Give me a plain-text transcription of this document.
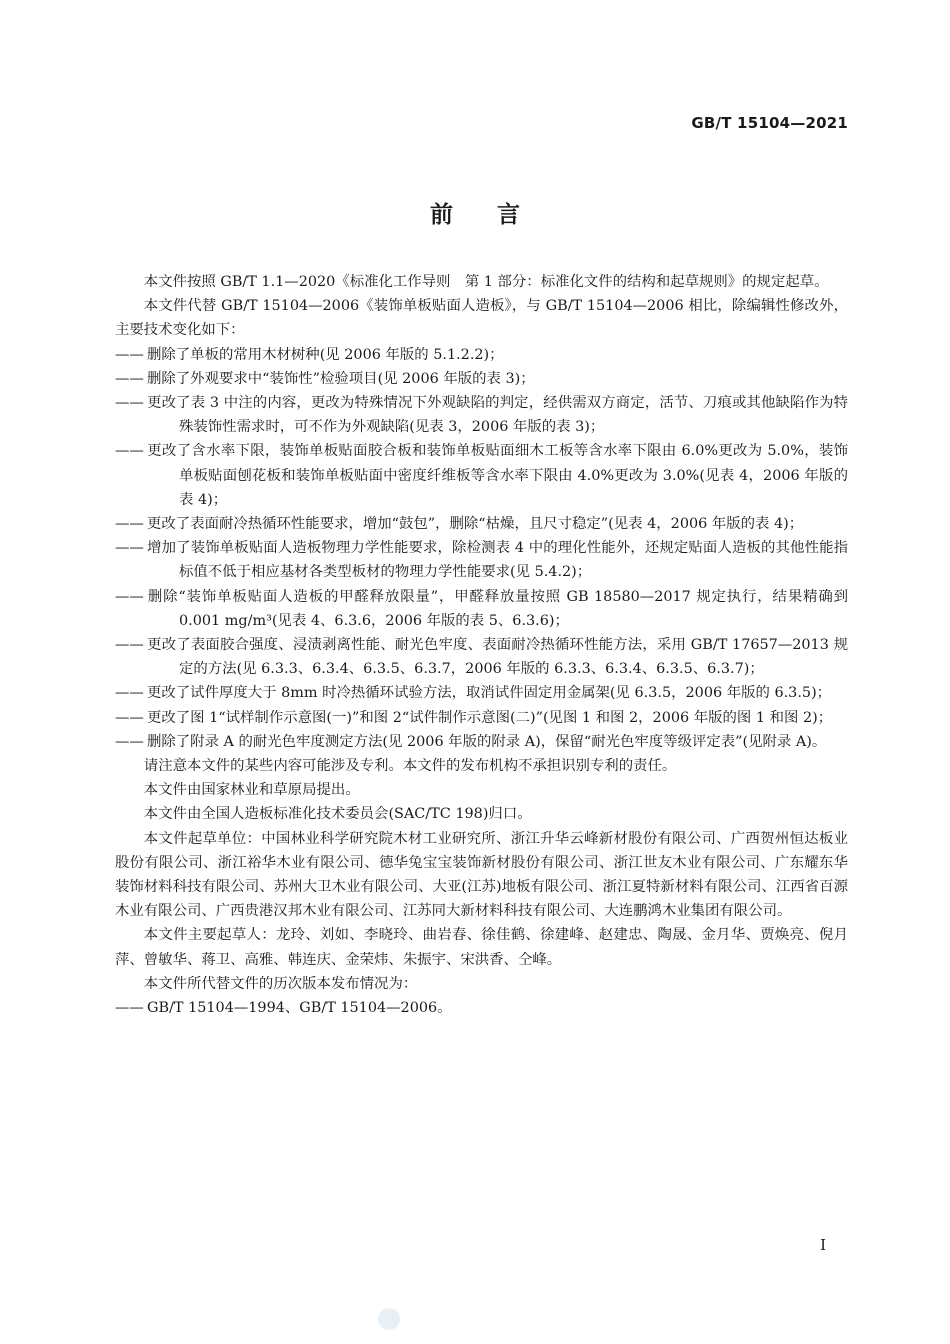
GB/T 15104—2021
前言

本文件按照 GB/T 1.1—2020《标准化工作导则　第 1 部分：标准化文件的结构和起草规则》的规定起草。

本文件代替 GB/T 15104—2006《装饰单板贴面人造板》，与 GB/T 15104—2006 相比，除编辑性修改外，主要技术变化如下：

—— 删除了单板的常用木材树种(见 2006 年版的 5.1.2.2)；

—— 删除了外观要求中“装饰性”检验项目(见 2006 年版的表 3)；

—— 更改了表 3 中注的内容，更改为特殊情况下外观缺陷的判定，经供需双方商定，活节、刀痕或其他缺陷作为特殊装饰性需求时，可不作为外观缺陷(见表 3，2006 年版的表 3)；

—— 更改了含水率下限，装饰单板贴面胶合板和装饰单板贴面细木工板等含水率下限由 6.0%更改为 5.0%，装饰单板贴面刨花板和装饰单板贴面中密度纤维板等含水率下限由 4.0%更改为 3.0%(见表 4，2006 年版的表 4)；

—— 更改了表面耐冷热循环性能要求，增加“鼓包”，删除“枯燥，且尺寸稳定”(见表 4，2006 年版的表 4)；

—— 增加了装饰单板贴面人造板物理力学性能要求，除检测表 4 中的理化性能外，还规定贴面人造板的其他性能指标值不低于相应基材各类型板材的物理力学性能要求(见 5.4.2)；

—— 删除“装饰单板贴面人造板的甲醛释放限量”，甲醛释放量按照 GB 18580—2017 规定执行，结果精确到 0.001 mg/m³(见表 4、6.3.6，2006 年版的表 5、6.3.6)；

—— 更改了表面胶合强度、浸渍剥离性能、耐光色牢度、表面耐冷热循环性能方法，采用 GB/T 17657—2013 规定的方法(见 6.3.3、6.3.4、6.3.5、6.3.7，2006 年版的 6.3.3、6.3.4、6.3.5、6.3.7)；

—— 更改了试件厚度大于 8mm 时冷热循环试验方法，取消试件固定用金属架(见 6.3.5，2006 年版的 6.3.5)；

—— 更改了图 1“试样制作示意图(一)”和图 2“试件制作示意图(二)”(见图 1 和图 2，2006 年版的图 1 和图 2)；

—— 删除了附录 A 的耐光色牢度测定方法(见 2006 年版的附录 A)，保留“耐光色牢度等级评定表”(见附录 A)。

请注意本文件的某些内容可能涉及专利。本文件的发布机构不承担识别专利的责任。

本文件由国家林业和草原局提出。

本文件由全国人造板标准化技术委员会(SAC/TC 198)归口。

本文件起草单位：中国林业科学研究院木材工业研究所、浙江升华云峰新材股份有限公司、广西贺州恒达板业股份有限公司、浙江裕华木业有限公司、德华兔宝宝装饰新材股份有限公司、浙江世友木业有限公司、广东耀东华装饰材料科技有限公司、苏州大卫木业有限公司、大亚(江苏)地板有限公司、浙江夏特新材料有限公司、江西省百源木业有限公司、广西贵港汉邦木业有限公司、江苏同大新材料科技有限公司、大连鹏鸿木业集团有限公司。

本文件主要起草人：龙玲、刘如、李晓玲、曲岩春、徐佳鹤、徐建峰、赵建忠、陶晟、金月华、贾焕亮、倪月萍、曾敏华、蒋卫、高雅、韩连庆、金荣炜、朱振宇、宋洪香、仝峰。

本文件所代替文件的历次版本发布情况为：

—— GB/T 15104—1994、GB/T 15104—2006。

I
